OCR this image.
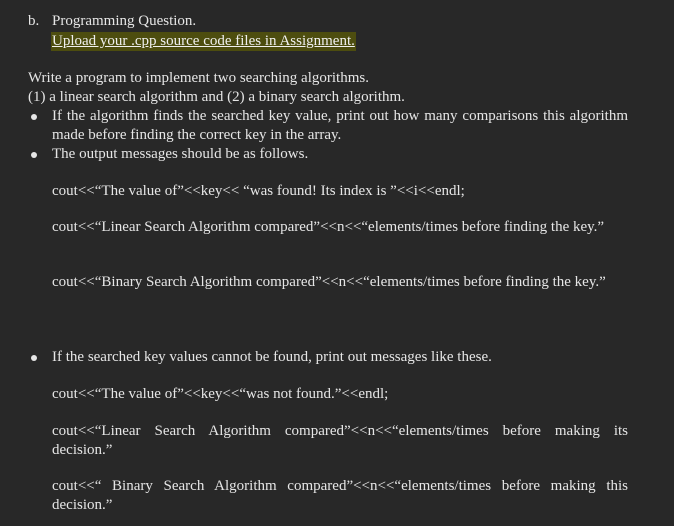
b. Programming Question.
Upload your .cpp source code files in Assignment.
Write a program to implement two searching algorithms.
(1) a linear search algorithm and (2) a binary search algorithm.
If the algorithm finds the searched key value, print out how many comparisons this algorithm made before finding the correct key in the array.
The output messages should be as follows.
cout<<“The value of”<<key<< “was found! Its index is ”<<i<<endl;
cout<<“Linear Search Algorithm compared”<<n<<“elements/times before finding the key.”
cout<<“Binary Search Algorithm compared”<<n<<“elements/times before finding the key.”
If the searched key values cannot be found, print out messages like these.
cout<<“The value of”<<key<<“was not found.”<<endl;
cout<<“Linear Search Algorithm compared”<<n<<“elements/times before making its decision.”
cout<<“ Binary Search Algorithm compared”<<n<<“elements/times before making this decision.”
